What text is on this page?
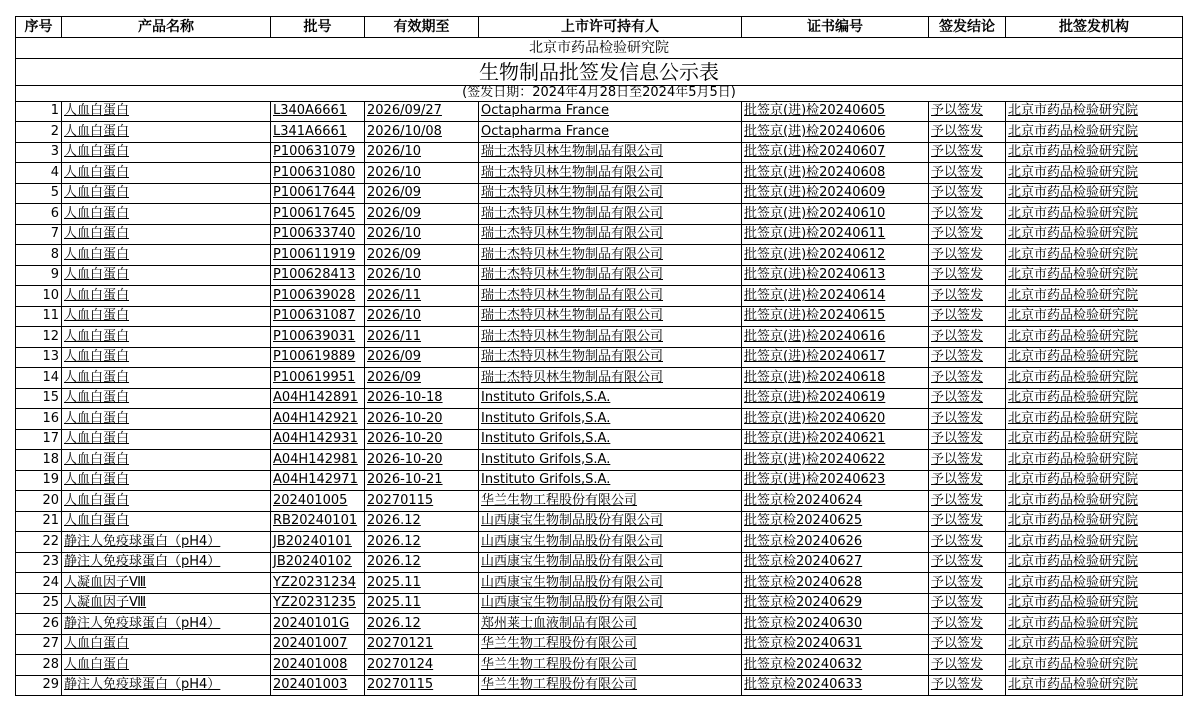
北京市药品检验研究院							
生物制品批签发信息公示表							
(签发日期：2024年4月28日至2024年5月5日)							
序号	产品名称	批号	有效期至	上市许可持有人	证书编号	签发结论	批签发机构
1	人血白蛋白	L340A6661	2026/09/27	Octapharma France	批签京(进)检20240605	予以签发	北京市药品检验研究院
2	人血白蛋白	L341A6661	2026/10/08	Octapharma France	批签京(进)检20240606	予以签发	北京市药品检验研究院
3	人血白蛋白	P100631079	2026/10	瑞士杰特贝林生物制品有限公司	批签京(进)检20240607	予以签发	北京市药品检验研究院
4	人血白蛋白	P100631080	2026/10	瑞士杰特贝林生物制品有限公司	批签京(进)检20240608	予以签发	北京市药品检验研究院
5	人血白蛋白	P100617644	2026/09	瑞士杰特贝林生物制品有限公司	批签京(进)检20240609	予以签发	北京市药品检验研究院
6	人血白蛋白	P100617645	2026/09	瑞士杰特贝林生物制品有限公司	批签京(进)检20240610	予以签发	北京市药品检验研究院
7	人血白蛋白	P100633740	2026/10	瑞士杰特贝林生物制品有限公司	批签京(进)检20240611	予以签发	北京市药品检验研究院
8	人血白蛋白	P100611919	2026/09	瑞士杰特贝林生物制品有限公司	批签京(进)检20240612	予以签发	北京市药品检验研究院
9	人血白蛋白	P100628413	2026/10	瑞士杰特贝林生物制品有限公司	批签京(进)检20240613	予以签发	北京市药品检验研究院
10	人血白蛋白	P100639028	2026/11	瑞士杰特贝林生物制品有限公司	批签京(进)检20240614	予以签发	北京市药品检验研究院
11	人血白蛋白	P100631087	2026/10	瑞士杰特贝林生物制品有限公司	批签京(进)检20240615	予以签发	北京市药品检验研究院
12	人血白蛋白	P100639031	2026/11	瑞士杰特贝林生物制品有限公司	批签京(进)检20240616	予以签发	北京市药品检验研究院
13	人血白蛋白	P100619889	2026/09	瑞士杰特贝林生物制品有限公司	批签京(进)检20240617	予以签发	北京市药品检验研究院
14	人血白蛋白	P100619951	2026/09	瑞士杰特贝林生物制品有限公司	批签京(进)检20240618	予以签发	北京市药品检验研究院
15	人血白蛋白	A04H142891	2026-10-18	Instituto Grifols,S.A.	批签京(进)检20240619	予以签发	北京市药品检验研究院
16	人血白蛋白	A04H142921	2026-10-20	Instituto Grifols,S.A.	批签京(进)检20240620	予以签发	北京市药品检验研究院
17	人血白蛋白	A04H142931	2026-10-20	Instituto Grifols,S.A.	批签京(进)检20240621	予以签发	北京市药品检验研究院
18	人血白蛋白	A04H142981	2026-10-20	Instituto Grifols,S.A.	批签京(进)检20240622	予以签发	北京市药品检验研究院
19	人血白蛋白	A04H142971	2026-10-21	Instituto Grifols,S.A.	批签京(进)检20240623	予以签发	北京市药品检验研究院
20	人血白蛋白	202401005	20270115	华兰生物工程股份有限公司	批签京检20240624	予以签发	北京市药品检验研究院
21	人血白蛋白	RB20240101	2026.12	山西康宝生物制品股份有限公司	批签京检20240625	予以签发	北京市药品检验研究院
22	静注人免疫球蛋白（pH4）	JB20240101	2026.12	山西康宝生物制品股份有限公司	批签京检20240626	予以签发	北京市药品检验研究院
23	静注人免疫球蛋白（pH4）	JB20240102	2026.12	山西康宝生物制品股份有限公司	批签京检20240627	予以签发	北京市药品检验研究院
24	人凝血因子Ⅷ	YZ20231234	2025.11	山西康宝生物制品股份有限公司	批签京检20240628	予以签发	北京市药品检验研究院
25	人凝血因子Ⅷ	YZ20231235	2025.11	山西康宝生物制品股份有限公司	批签京检20240629	予以签发	北京市药品检验研究院
26	静注人免疫球蛋白（pH4）	20240101G	2026.12	郑州莱士血液制品有限公司	批签京检20240630	予以签发	北京市药品检验研究院
27	人血白蛋白	202401007	20270121	华兰生物工程股份有限公司	批签京检20240631	予以签发	北京市药品检验研究院
28	人血白蛋白	202401008	20270124	华兰生物工程股份有限公司	批签京检20240632	予以签发	北京市药品检验研究院
29	静注人免疫球蛋白（pH4）	202401003	20270115	华兰生物工程股份有限公司	批签京检20240633	予以签发	北京市药品检验研究院
